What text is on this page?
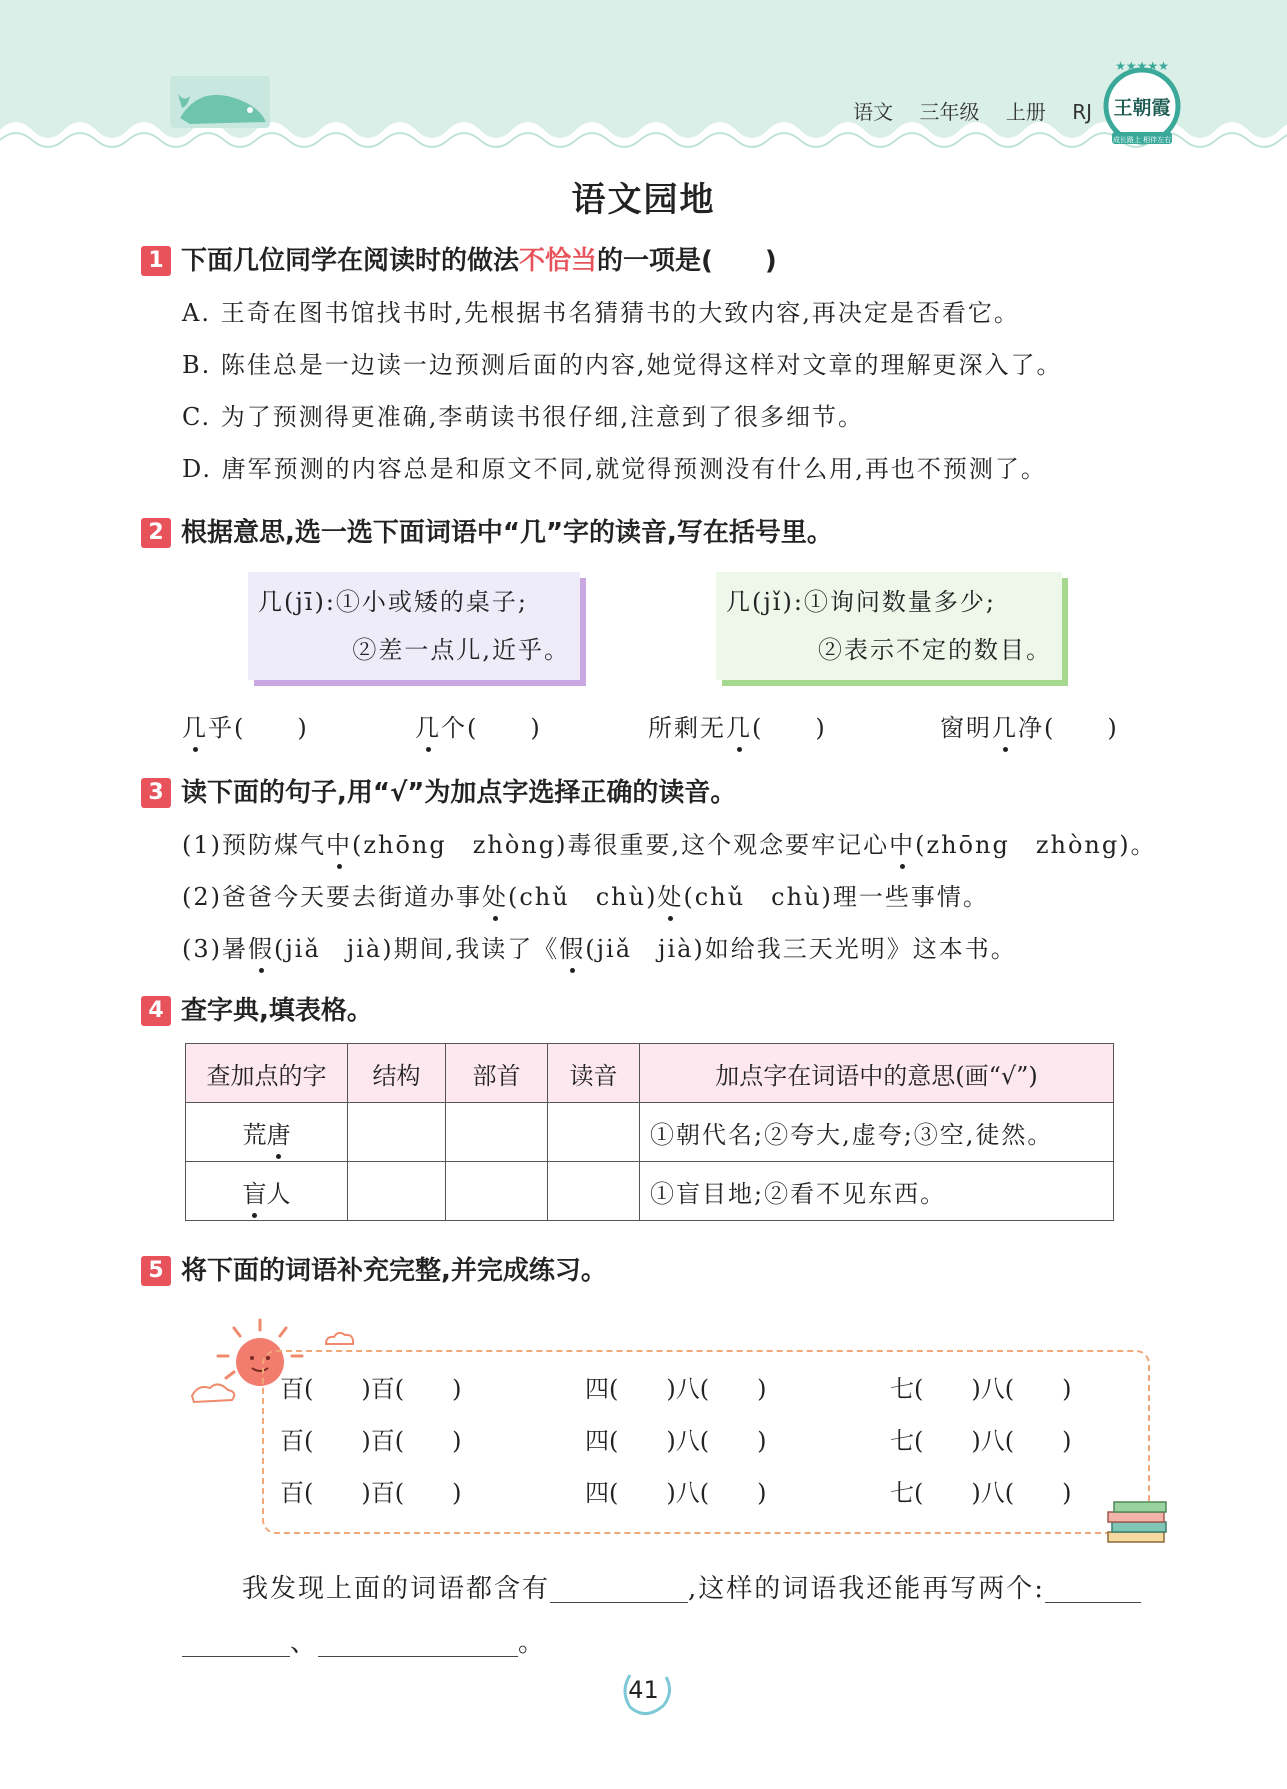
语文 三年级 上册 RJ
★★★★★
王朝霞
成长路上 相伴左右
语文园地
1 下面几位同学在阅读时的做法不恰当的一项是(　　)
A. 王奇在图书馆找书时,先根据书名猜猜书的大致内容,再决定是否看它。
B. 陈佳总是一边读一边预测后面的内容,她觉得这样对文章的理解更深入了。
C. 为了预测得更准确,李萌读书很仔细,注意到了很多细节。
D. 唐军预测的内容总是和原文不同,就觉得预测没有什么用,再也不预测了。
2 根据意思,选一选下面词语中“几”字的读音,写在括号里。
几(jī):①小或矮的桌子;
②差一点儿,近乎。
几(jǐ):①询问数量多少;
②表示不定的数目。
几乎(　　)	几个(　　)	所剩无几(　　)	窗明几净(　　)
3 读下面的句子,用“√”为加点字选择正确的读音。
(1)预防煤气中(zhōng　zhòng)毒很重要,这个观念要牢记心中(zhōng　zhòng)。
(2)爸爸今天要去街道办事处(chǔ　chù)处(chǔ　chù)理一些事情。
(3)暑假(jiǎ　jià)期间,我读了《假(jiǎ　jià)如给我三天光明》这本书。
4 查字典,填表格。
查加点的字	结构	部首	读音	加点字在词语中的意思(画“√”)
荒唐				①朝代名;②夸大,虚夸;③空,徒然。
盲人				①盲目地;②看不见东西。
5 将下面的词语补充完整,并完成练习。
百(　　)百(　　)	四(　　)八(　　)	七(　　)八(　　)
百(　　)百(　　)	四(　　)八(　　)	七(　　)八(　　)
百(　　)百(　　)	四(　　)八(　　)	七(　　)八(　　)
我发现上面的词语都含有	,这样的词语我还能再写两个:
、	。
41
